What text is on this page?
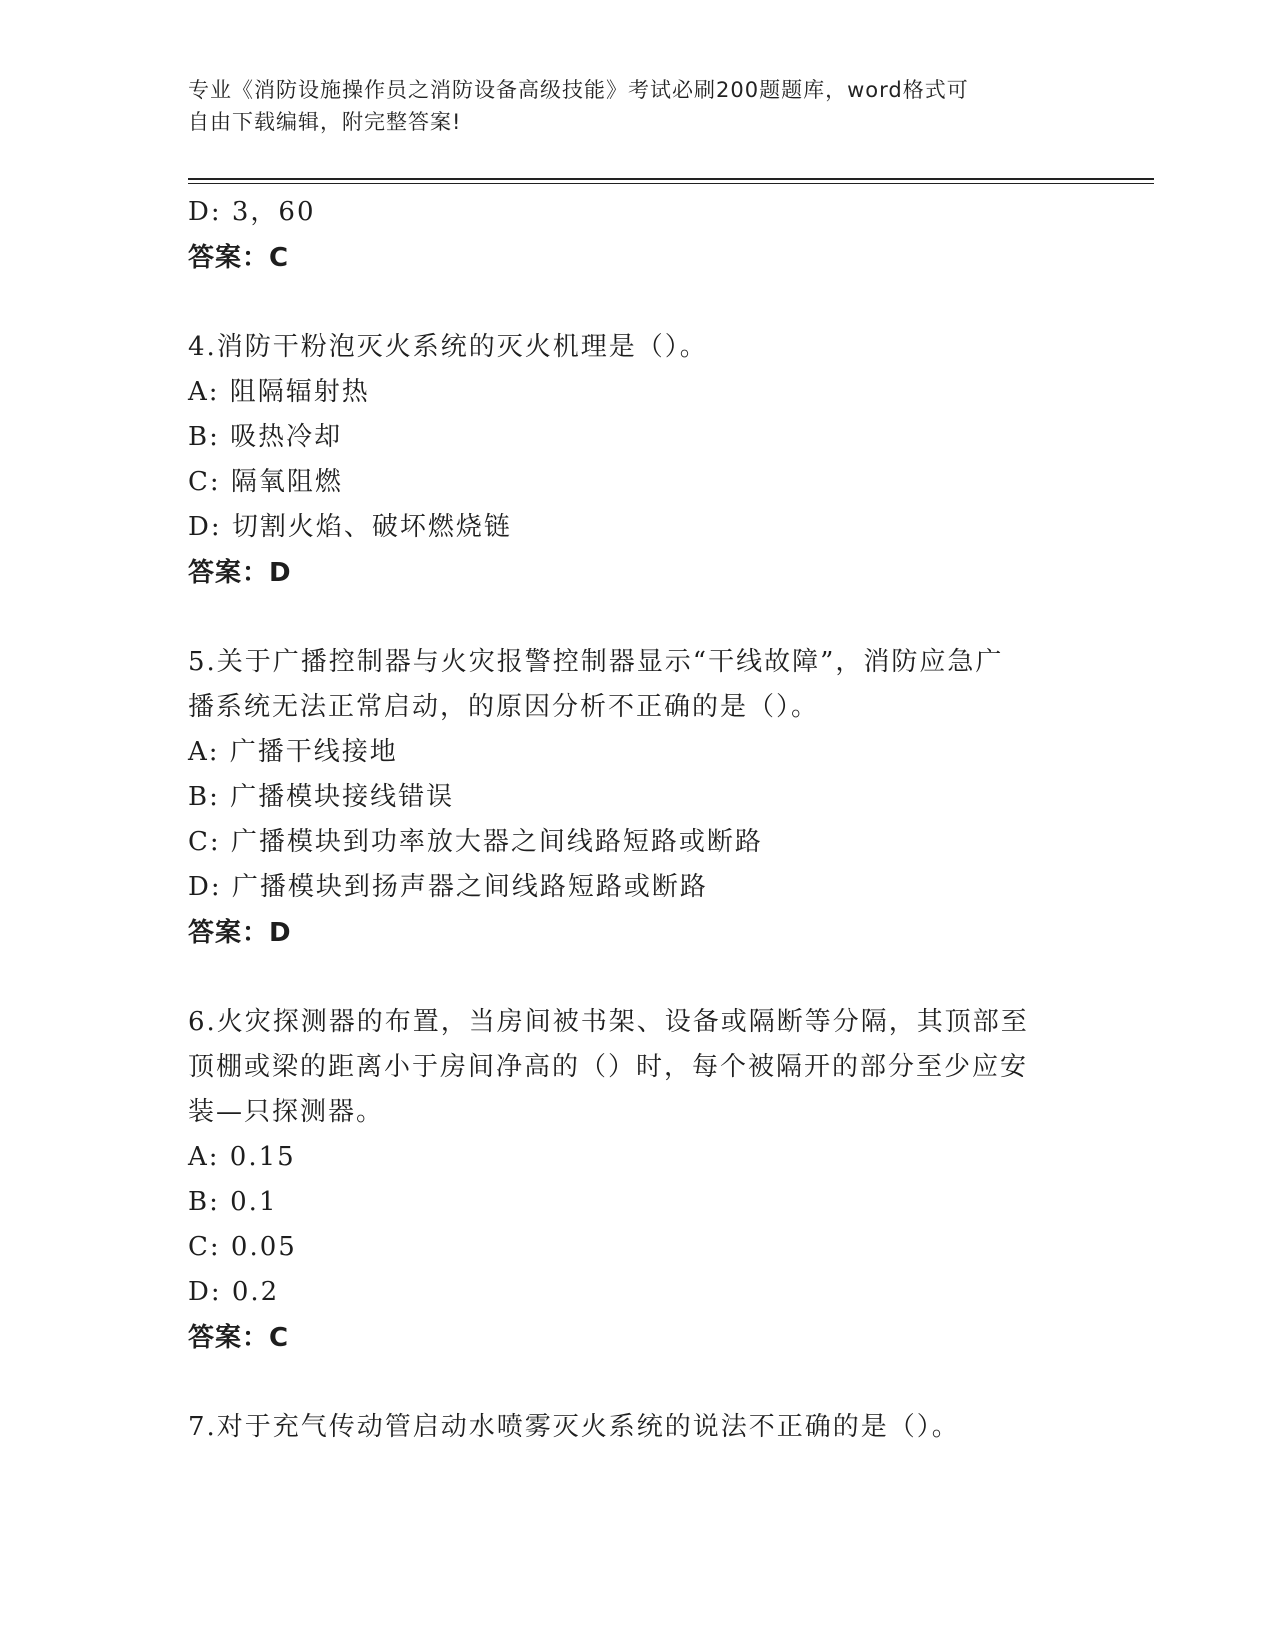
专业《消防设施操作员之消防设备高级技能》考试必刷200题题库，word格式可
自由下载编辑，附完整答案!
D: 3，60
答案：C
4.消防干粉泡灭火系统的灭火机理是（）。
A: 阻隔辐射热
B: 吸热冷却
C: 隔氧阻燃
D: 切割火焰、破坏燃烧链
答案：D
5.关于广播控制器与火灾报警控制器显示“干线故障”，消防应急广
播系统无法正常启动，的原因分析不正确的是（）。
A: 广播干线接地
B: 广播模块接线错误
C: 广播模块到功率放大器之间线路短路或断路
D: 广播模块到扬声器之间线路短路或断路
答案：D
6.火灾探测器的布置，当房间被书架、设备或隔断等分隔，其顶部至
顶棚或梁的距离小于房间净高的（）时，每个被隔开的部分至少应安
装—只探测器。
A: 0.15
B: 0.1
C: 0.05
D: 0.2
答案：C
7.对于充气传动管启动水喷雾灭火系统的说法不正确的是（）。
